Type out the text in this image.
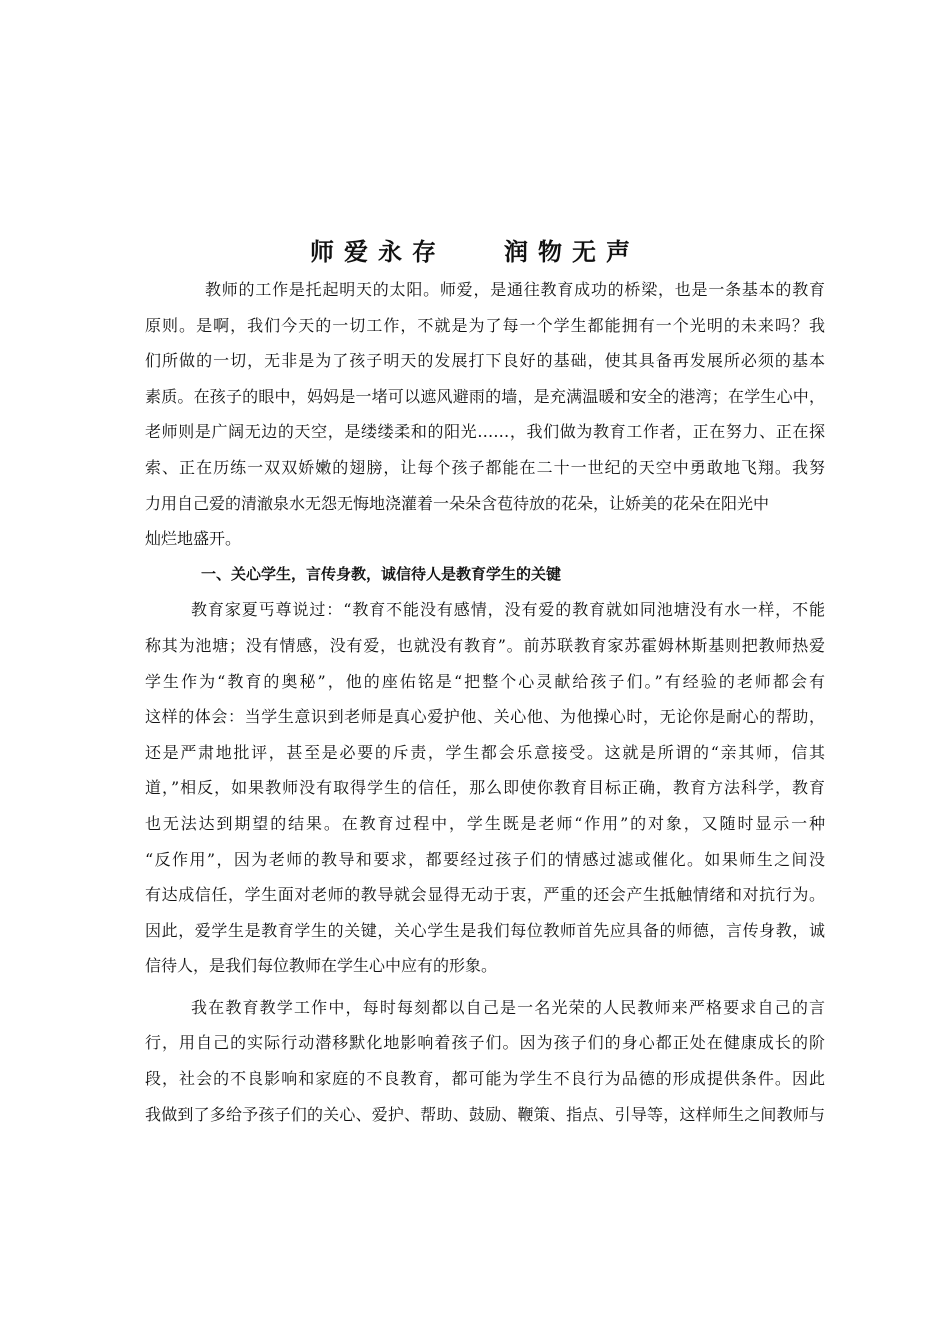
师爱永存 润物无声
教师的工作是托起明天的太阳。师爱，是通往教育成功的桥梁，也是一条基本的教育
原则。是啊，我们今天的一切工作，不就是为了每一个学生都能拥有一个光明的未来吗？我
们所做的一切，无非是为了孩子明天的发展打下良好的基础，使其具备再发展所必须的基本
素质。在孩子的眼中，妈妈是一堵可以遮风避雨的墙，是充满温暖和安全的港湾；在学生心中，
老师则是广阔无边的天空，是缕缕柔和的阳光……，我们做为教育工作者，正在努力、正在探
索、正在历练一双双娇嫩的翅膀，让每个孩子都能在二十一世纪的天空中勇敢地飞翔。我努
力用自己爱的清澈泉水无怨无悔地浇灌着一朵朵含苞待放的花朵，让娇美的花朵在阳光中
灿烂地盛开。
一、关心学生，言传身教，诚信待人是教育学生的关键
教育家夏丐尊说过：“教育不能没有感情，没有爱的教育就如同池塘没有水一样，不能
称其为池塘；没有情感，没有爱，也就没有教育”。前苏联教育家苏霍姆林斯基则把教师热爱
学生作为“教育的奥秘”，他的座佑铭是“把整个心灵献给孩子们。”有经验的老师都会有
这样的体会：当学生意识到老师是真心爱护他、关心他、为他操心时，无论你是耐心的帮助，
还是严肃地批评，甚至是必要的斥责，学生都会乐意接受。这就是所谓的“亲其师，信其
道，”相反，如果教师没有取得学生的信任，那么即使你教育目标正确，教育方法科学，教育
也无法达到期望的结果。在教育过程中，学生既是老师“作用”的对象，又随时显示一种
“反作用”，因为老师的教导和要求，都要经过孩子们的情感过滤或催化。如果师生之间没
有达成信任，学生面对老师的教导就会显得无动于衷，严重的还会产生抵触情绪和对抗行为。
因此，爱学生是教育学生的关键，关心学生是我们每位教师首先应具备的师德，言传身教，诚
信待人，是我们每位教师在学生心中应有的形象。
我在教育教学工作中，每时每刻都以自己是一名光荣的人民教师来严格要求自己的言
行，用自己的实际行动潜移默化地影响着孩子们。因为孩子们的身心都正处在健康成长的阶
段，社会的不良影响和家庭的不良教育，都可能为学生不良行为品德的形成提供条件。因此
我做到了多给予孩子们的关心、爱护、帮助、鼓励、鞭策、指点、引导等，这样师生之间教师与
